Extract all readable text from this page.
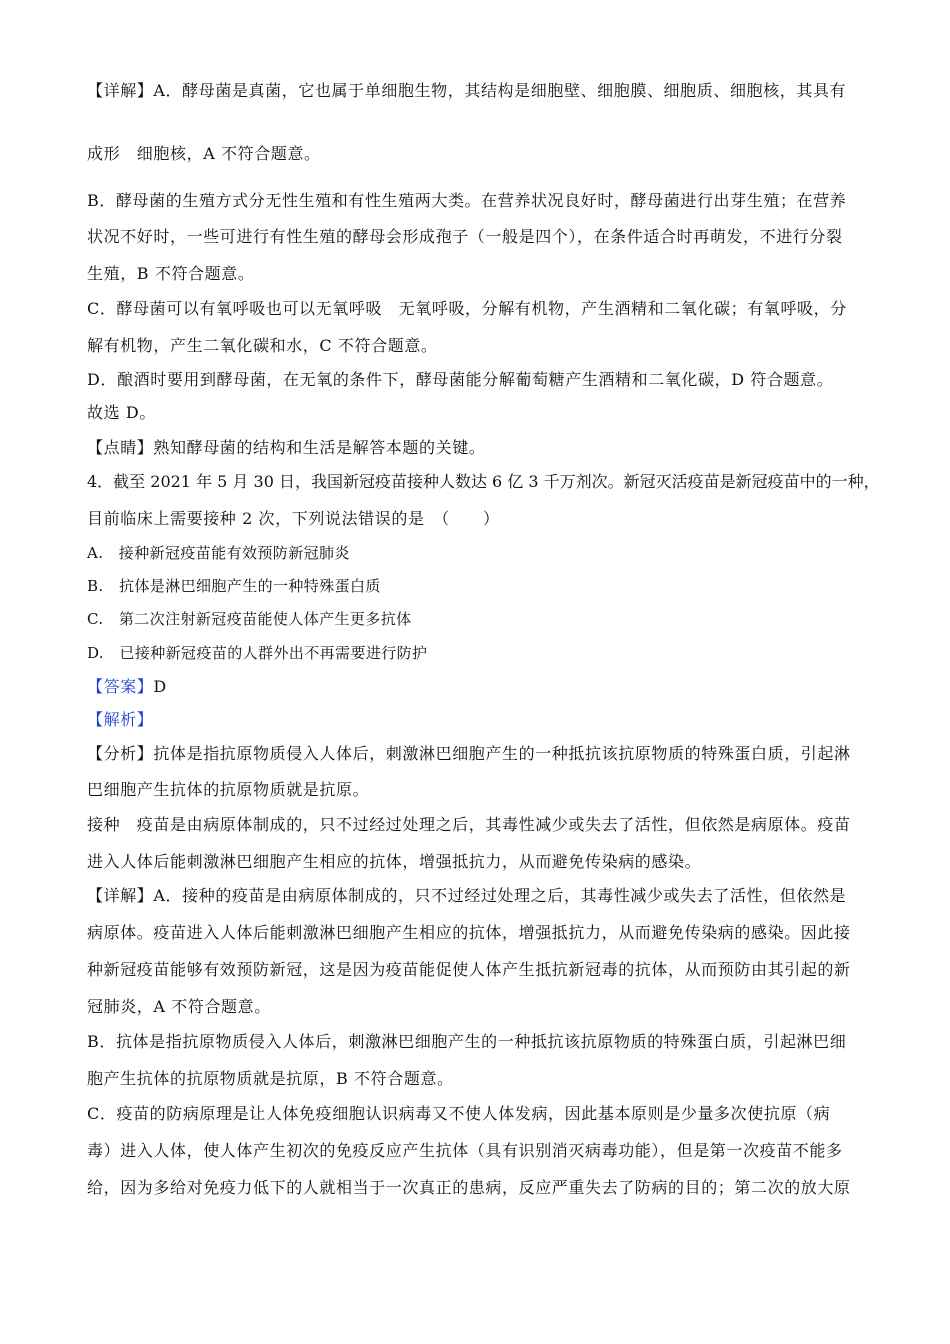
【详解】A．酵母菌是真菌，它也属于单细胞生物，其结构是细胞壁、细胞膜、细胞质、细胞核，其具有
成形　细胞核，A 不符合题意。
B．酵母菌的生殖方式分无性生殖和有性生殖两大类。在营养状况良好时，酵母菌进行出芽生殖；在营养
状况不好时，一些可进行有性生殖的酵母会形成孢子（一般是四个），在条件适合时再萌发，不进行分裂
生殖，B 不符合题意。
C．酵母菌可以有氧呼吸也可以无氧呼吸　无氧呼吸，分解有机物，产生酒精和二氧化碳；有氧呼吸，分
解有机物，产生二氧化碳和水，C 不符合题意。
D．酿酒时要用到酵母菌，在无氧的条件下，酵母菌能分解葡萄糖产生酒精和二氧化碳，D 符合题意。
故选 D。
【点睛】熟知酵母菌的结构和生活是解答本题的关键。
4．截至 2021 年 5 月 30 日，我国新冠疫苗接种人数达 6 亿 3 千万剂次。新冠灭活疫苗是新冠疫苗中的一种，
目前临床上需要接种 2 次，下列说法错误的是　（　　）
A.　接种新冠疫苗能有效预防新冠肺炎
B.　抗体是淋巴细胞产生的一种特殊蛋白质
C.　第二次注射新冠疫苗能使人体产生更多抗体
D.　已接种新冠疫苗的人群外出不再需要进行防护
【答案】D
【解析】
【分析】抗体是指抗原物质侵入人体后，刺激淋巴细胞产生的一种抵抗该抗原物质的特殊蛋白质，引起淋
巴细胞产生抗体的抗原物质就是抗原。
接种　疫苗是由病原体制成的，只不过经过处理之后，其毒性减少或失去了活性，但依然是病原体。疫苗
进入人体后能刺激淋巴细胞产生相应的抗体，增强抵抗力，从而避免传染病的感染。
【详解】A．接种的疫苗是由病原体制成的，只不过经过处理之后，其毒性减少或失去了活性，但依然是
病原体。疫苗进入人体后能刺激淋巴细胞产生相应的抗体，增强抵抗力，从而避免传染病的感染。因此接
种新冠疫苗能够有效预防新冠，这是因为疫苗能促使人体产生抵抗新冠毒的抗体，从而预防由其引起的新
冠肺炎，A 不符合题意。
B．抗体是指抗原物质侵入人体后，刺激淋巴细胞产生的一种抵抗该抗原物质的特殊蛋白质，引起淋巴细
胞产生抗体的抗原物质就是抗原，B 不符合题意。
C．疫苗的防病原理是让人体免疫细胞认识病毒又不使人体发病，因此基本原则是少量多次使抗原（病
毒）进入人体，使人体产生初次的免疫反应产生抗体（具有识别消灭病毒功能），但是第一次疫苗不能多
给，因为多给对免疫力低下的人就相当于一次真正的患病，反应严重失去了防病的目的；第二次的放大原
